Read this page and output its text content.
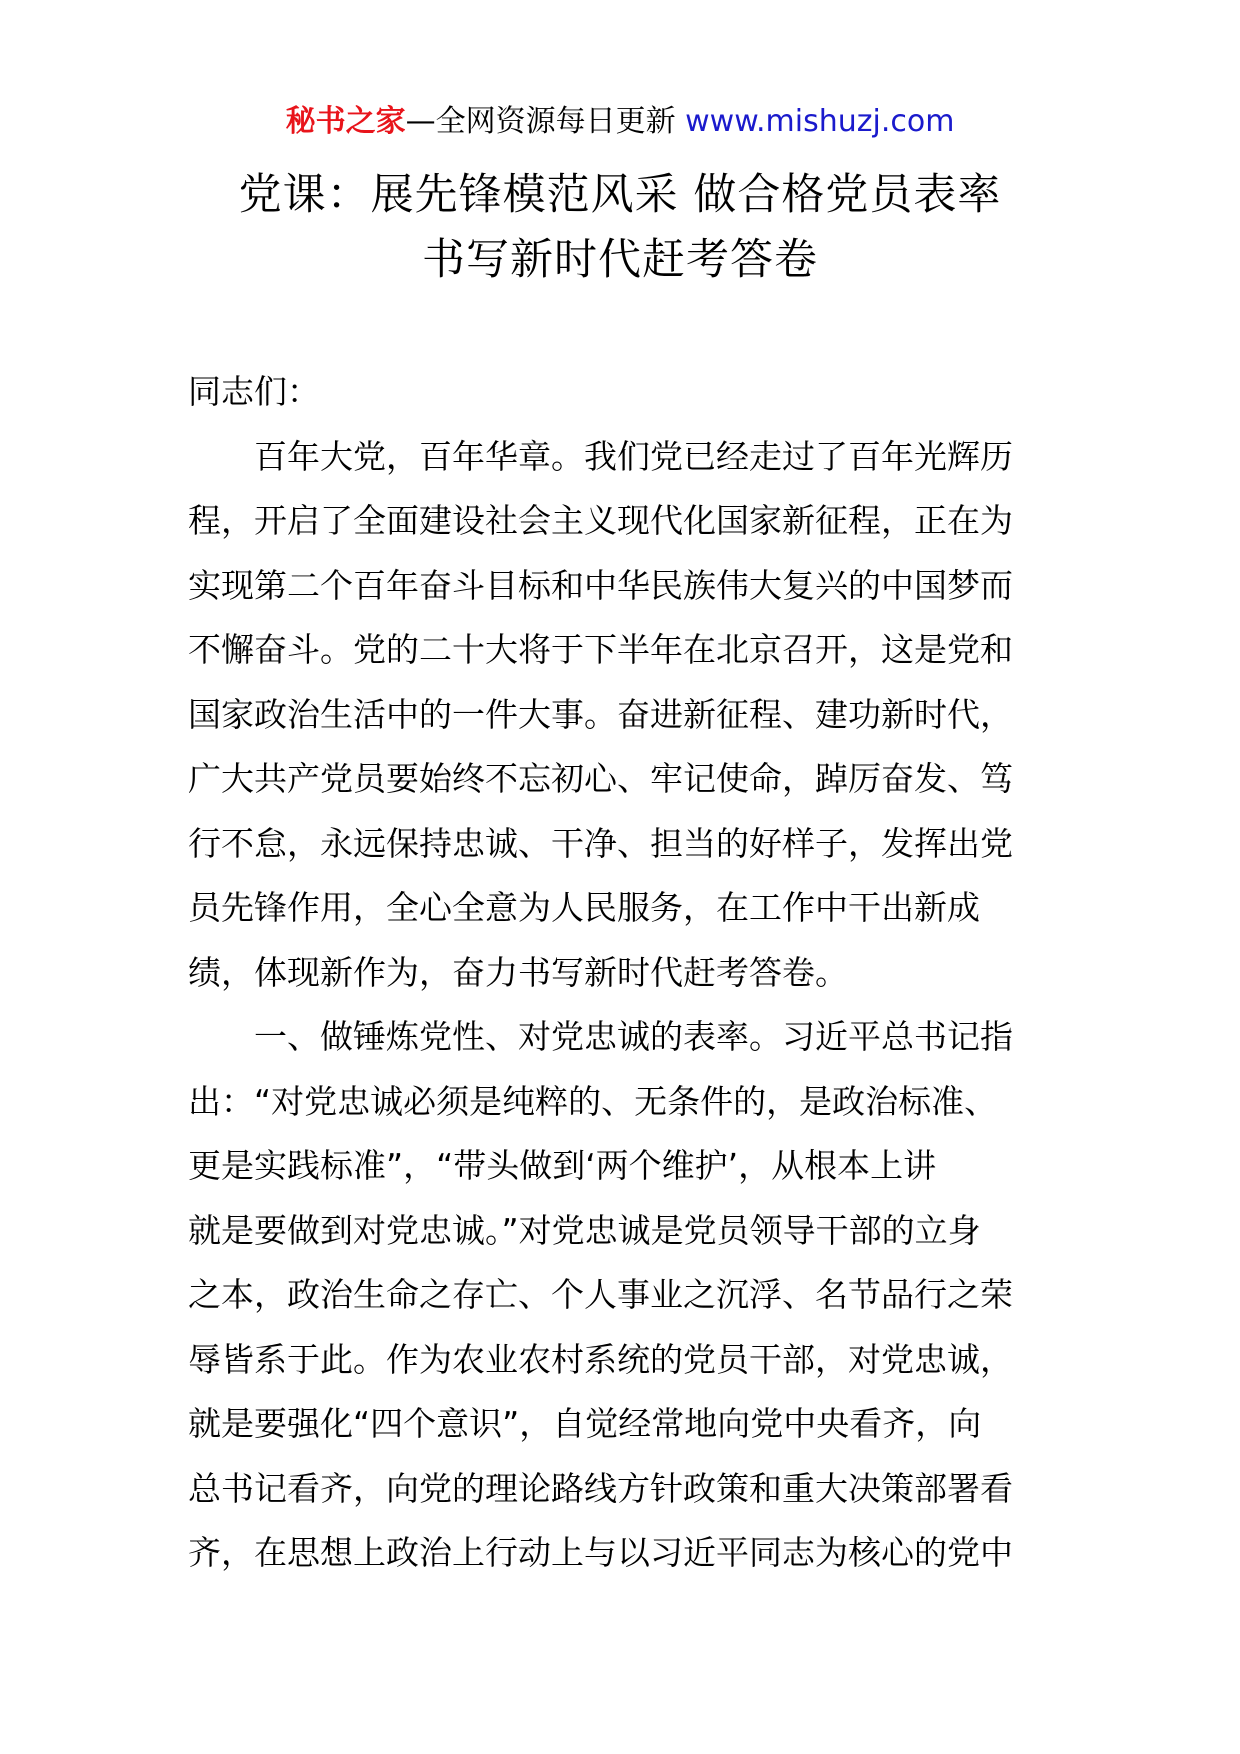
秘书之家—全网资源每日更新 www.mishuzj.com
党课：展先锋模范风采 做合格党员表率
书写新时代赶考答卷
同志们：
百年大党，百年华章。我们党已经走过了百年光辉历
程，开启了全面建设社会主义现代化国家新征程，正在为
实现第二个百年奋斗目标和中华民族伟大复兴的中国梦而
不懈奋斗。党的二十大将于下半年在北京召开，这是党和
国家政治生活中的一件大事。奋进新征程、建功新时代，
广大共产党员要始终不忘初心、牢记使命，踔厉奋发、笃
行不怠，永远保持忠诚、干净、担当的好样子，发挥出党
员先锋作用，全心全意为人民服务，在工作中干出新成
绩，体现新作为，奋力书写新时代赶考答卷。
一、做锤炼党性、对党忠诚的表率。习近平总书记指
出：“对党忠诚必须是纯粹的、无条件的，是政治标准、
更是实践标准”，“带头做到‘两个维护’，从根本上讲
就是要做到对党忠诚。”对党忠诚是党员领导干部的立身
之本，政治生命之存亡、个人事业之沉浮、名节品行之荣
辱皆系于此。作为农业农村系统的党员干部，对党忠诚，
就是要强化“四个意识”，自觉经常地向党中央看齐，向
总书记看齐，向党的理论路线方针政策和重大决策部署看
齐，在思想上政治上行动上与以习近平同志为核心的党中
